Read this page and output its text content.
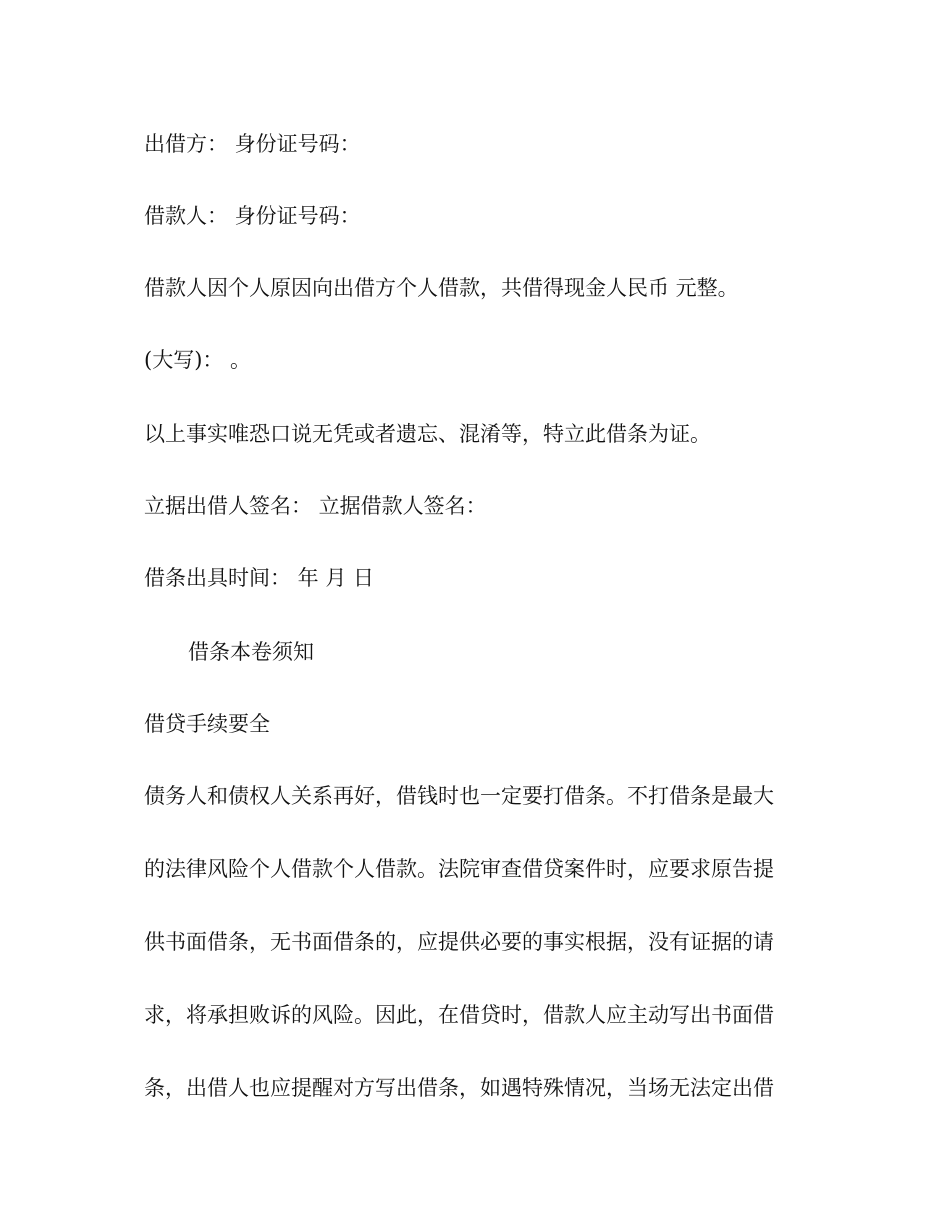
出借方： 身份证号码：

借款人： 身份证号码：

借款人因个人原因向出借方个人借款，共借得现金人民币 元整。

(大写)： 。

以上事实唯恐口说无凭或者遗忘、混淆等，特立此借条为证。

立据出借人签名： 立据借款人签名：

借条出具时间： 年 月 日

借条本卷须知

借贷手续要全

债务人和债权人关系再好，借钱时也一定要打借条。不打借条是最大

的法律风险个人借款个人借款。法院审查借贷案件时，应要求原告提

供书面借条，无书面借条的，应提供必要的事实根据，没有证据的请

求，将承担败诉的风险。因此，在借贷时，借款人应主动写出书面借

条，出借人也应提醒对方写出借条，如遇特殊情况，当场无法定出借
